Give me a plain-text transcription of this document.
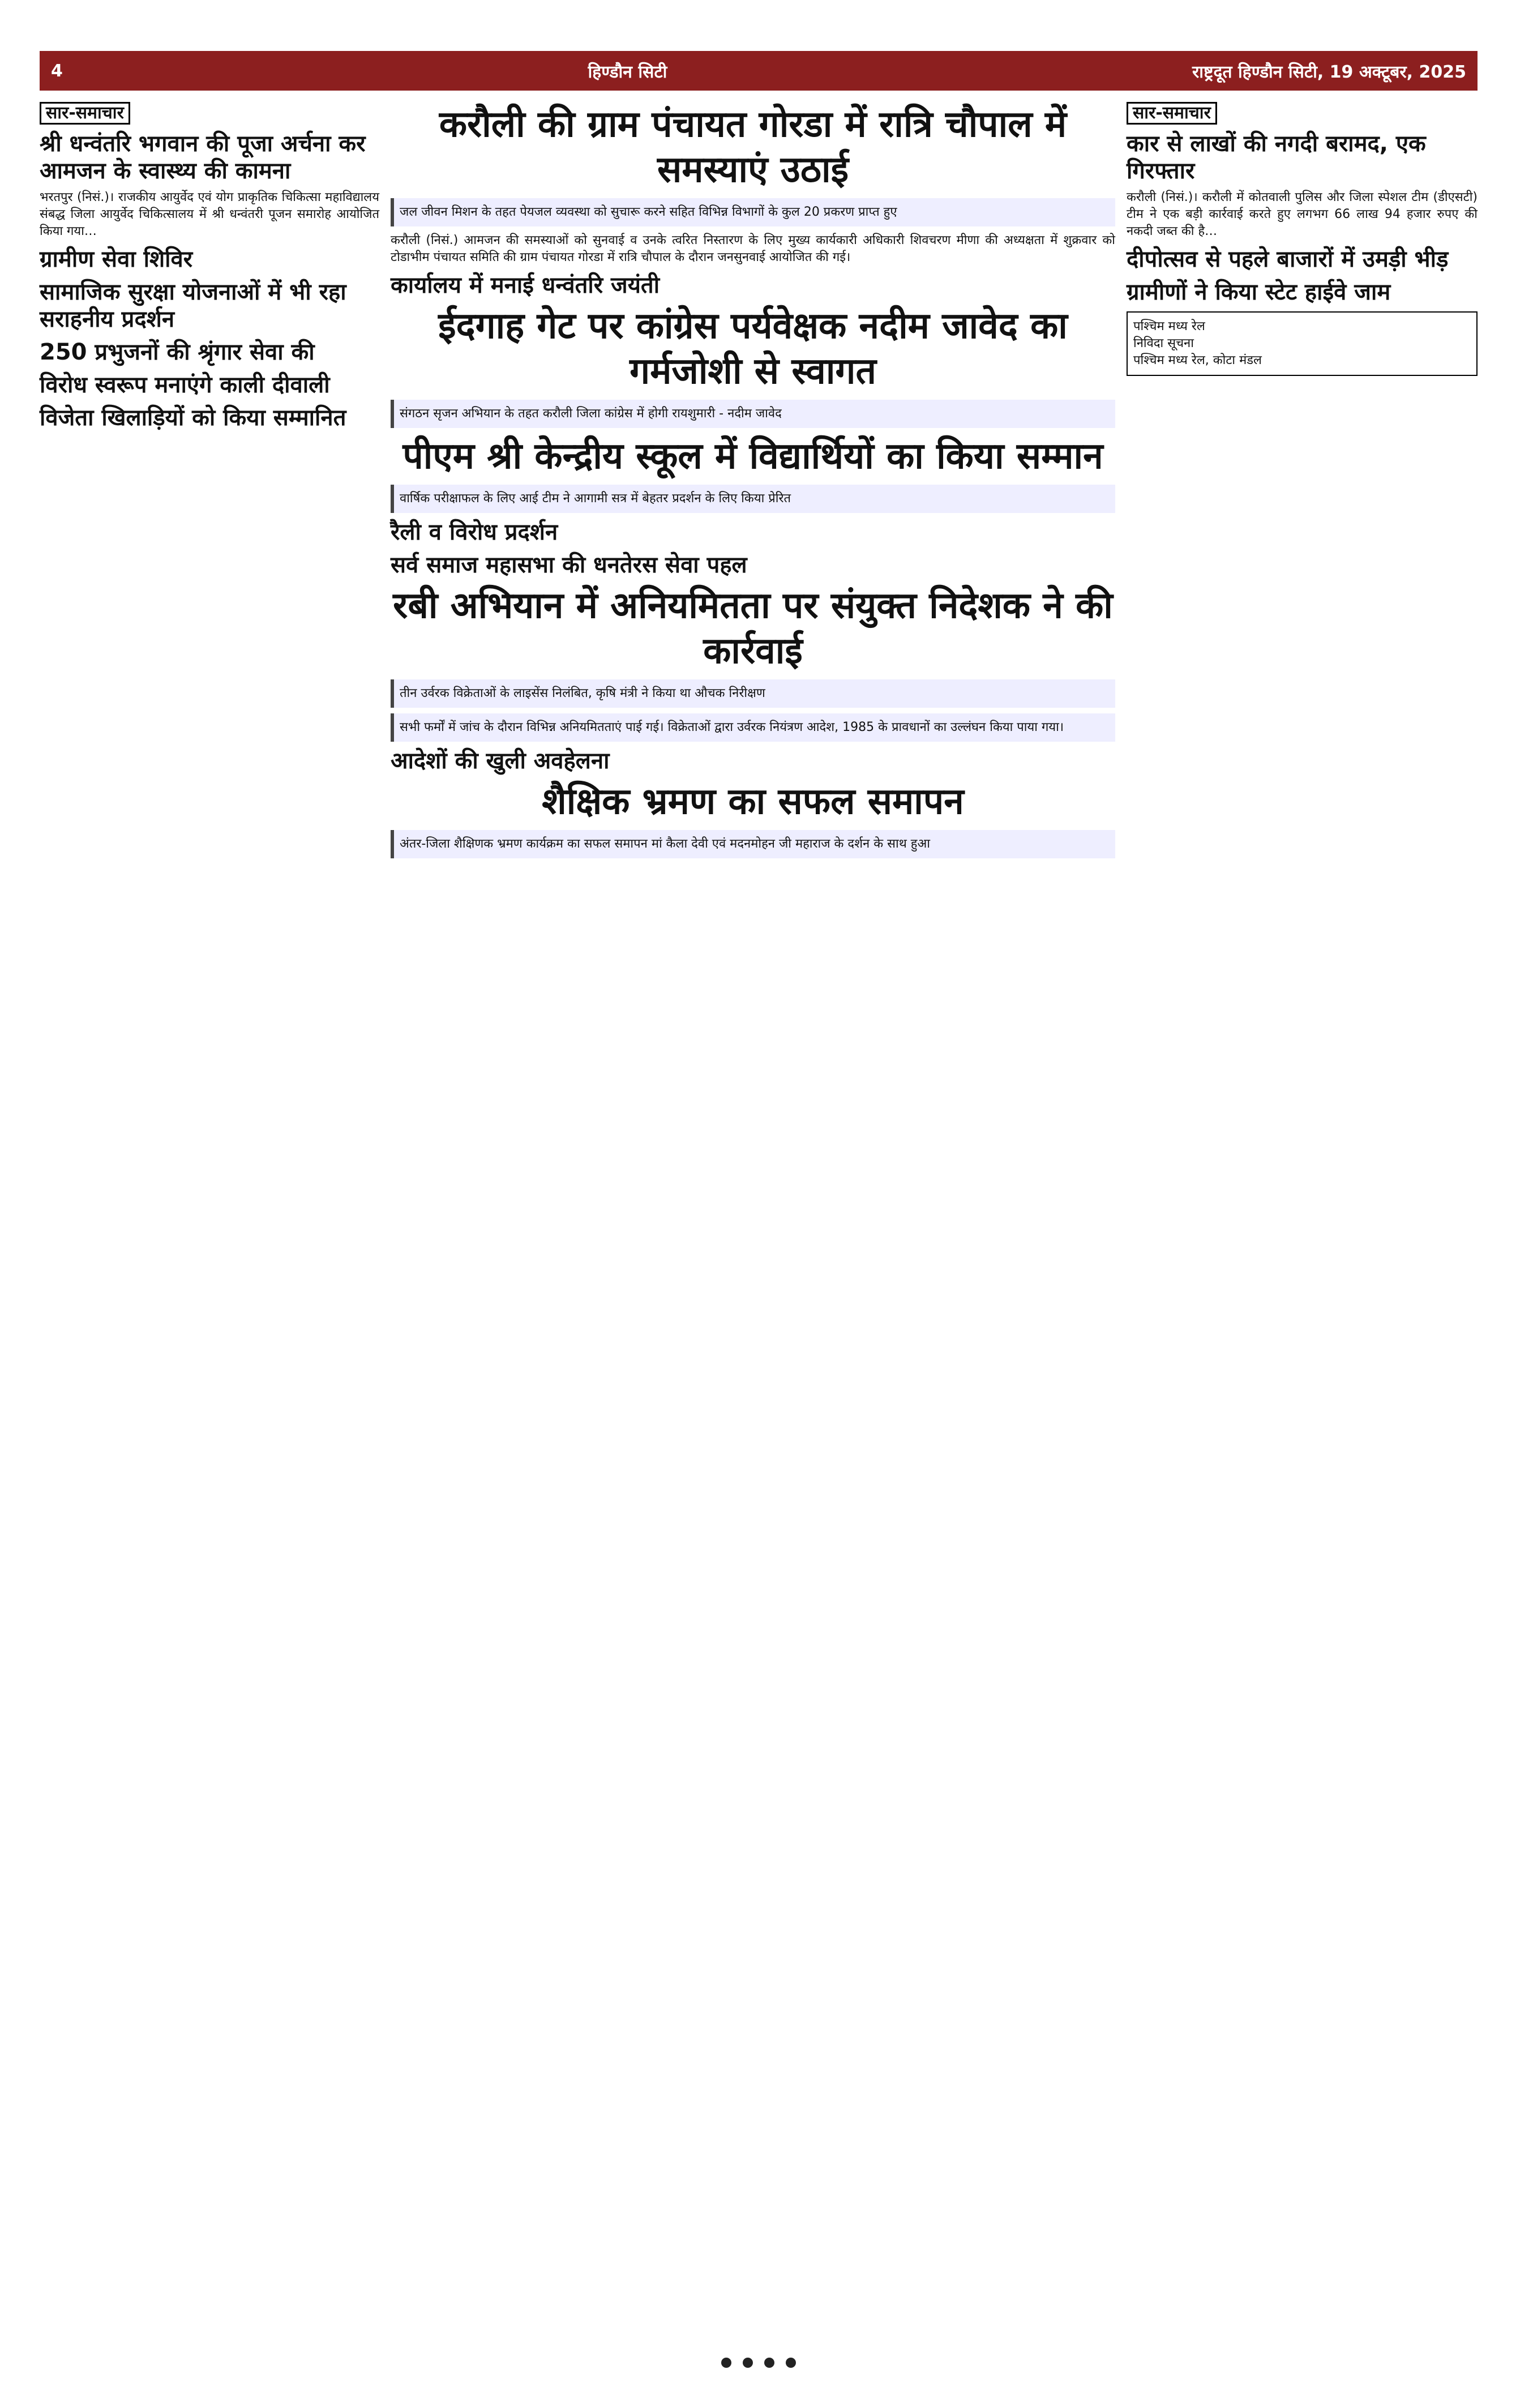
4	हिण्डौन सिटी	राष्ट्रदूत हिण्डौन सिटी, 19 अक्टूबर, 2025
सार-समाचार
श्री धन्वंतरि भगवान की पूजा अर्चना कर आमजन के स्वास्थ्य की कामना

भरतपुर (निसं.)। राजकीय आयुर्वेद एवं योग प्राकृतिक चिकित्सा महाविद्यालय संबद्ध जिला आयुर्वेद चिकित्सालय में श्री धन्वंतरी पूजन समारोह आयोजित किया गया…

ग्रामीण सेवा शिविर
सामाजिक सुरक्षा योजनाओं में भी रहा सराहनीय प्रदर्शन
250 प्रभुजनों की श्रृंगार सेवा की
विरोध स्वरूप मनाएंगे काली दीवाली
विजेता खिलाड़ियों को किया सम्मानित
करौली की ग्राम पंचायत गोरडा में रात्रि चौपाल में समस्याएं उठाई
जल जीवन मिशन के तहत पेयजल व्यवस्था को सुचारू करने सहित विभिन्न विभागों के कुल 20 प्रकरण प्राप्त हुए

करौली (निसं.) आमजन की समस्याओं को सुनवाई व उनके त्वरित निस्तारण के लिए मुख्य कार्यकारी अधिकारी शिवचरण मीणा की अध्यक्षता में शुक्रवार को टोडाभीम पंचायत समिति की ग्राम पंचायत गोरडा में रात्रि चौपाल के दौरान जनसुनवाई आयोजित की गई।

कार्यालय में मनाई धन्वंतरि जयंती
ईदगाह गेट पर कांग्रेस पर्यवेक्षक नदीम जावेद का गर्मजोशी से स्वागत
संगठन सृजन अभियान के तहत करौली जिला कांग्रेस में होगी रायशुमारी - नदीम जावेद
पीएम श्री केन्द्रीय स्कूल में विद्यार्थियों का किया सम्मान
वार्षिक परीक्षाफल के लिए आई टीम ने आगामी सत्र में बेहतर प्रदर्शन के लिए किया प्रेरित
रैली व विरोध प्रदर्शन
सर्व समाज महासभा की धनतेरस सेवा पहल
रबी अभियान में अनियमितता पर संयुक्त निदेशक ने की कार्रवाई
तीन उर्वरक विक्रेताओं के लाइसेंस निलंबित, कृषि मंत्री ने किया था औचक निरीक्षण
सभी फर्मों में जांच के दौरान विभिन्न अनियमितताएं पाई गई। विक्रेताओं द्वारा उर्वरक नियंत्रण आदेश, 1985 के प्रावधानों का उल्लंघन किया पाया गया।
आदेशों की खुली अवहेलना
शैक्षिक भ्रमण का सफल समापन
अंतर-जिला शैक्षिणक भ्रमण कार्यक्रम का सफल समापन मां कैला देवी एवं मदनमोहन जी महाराज के दर्शन के साथ हुआ
सार-समाचार
कार से लाखों की नगदी बरामद, एक गिरफ्तार

करौली (निसं.)। करौली में कोतवाली पुलिस और जिला स्पेशल टीम (डीएसटी) टीम ने एक बड़ी कार्रवाई करते हुए लगभग 66 लाख 94 हजार रुपए की नकदी जब्त की है…

दीपोत्सव से पहले बाजारों में उमड़ी भीड़
ग्रामीणों ने किया स्टेट हाईवे जाम
पश्चिम मध्य रेल
निविदा सूचना
पश्चिम मध्य रेल, कोटा मंडल
